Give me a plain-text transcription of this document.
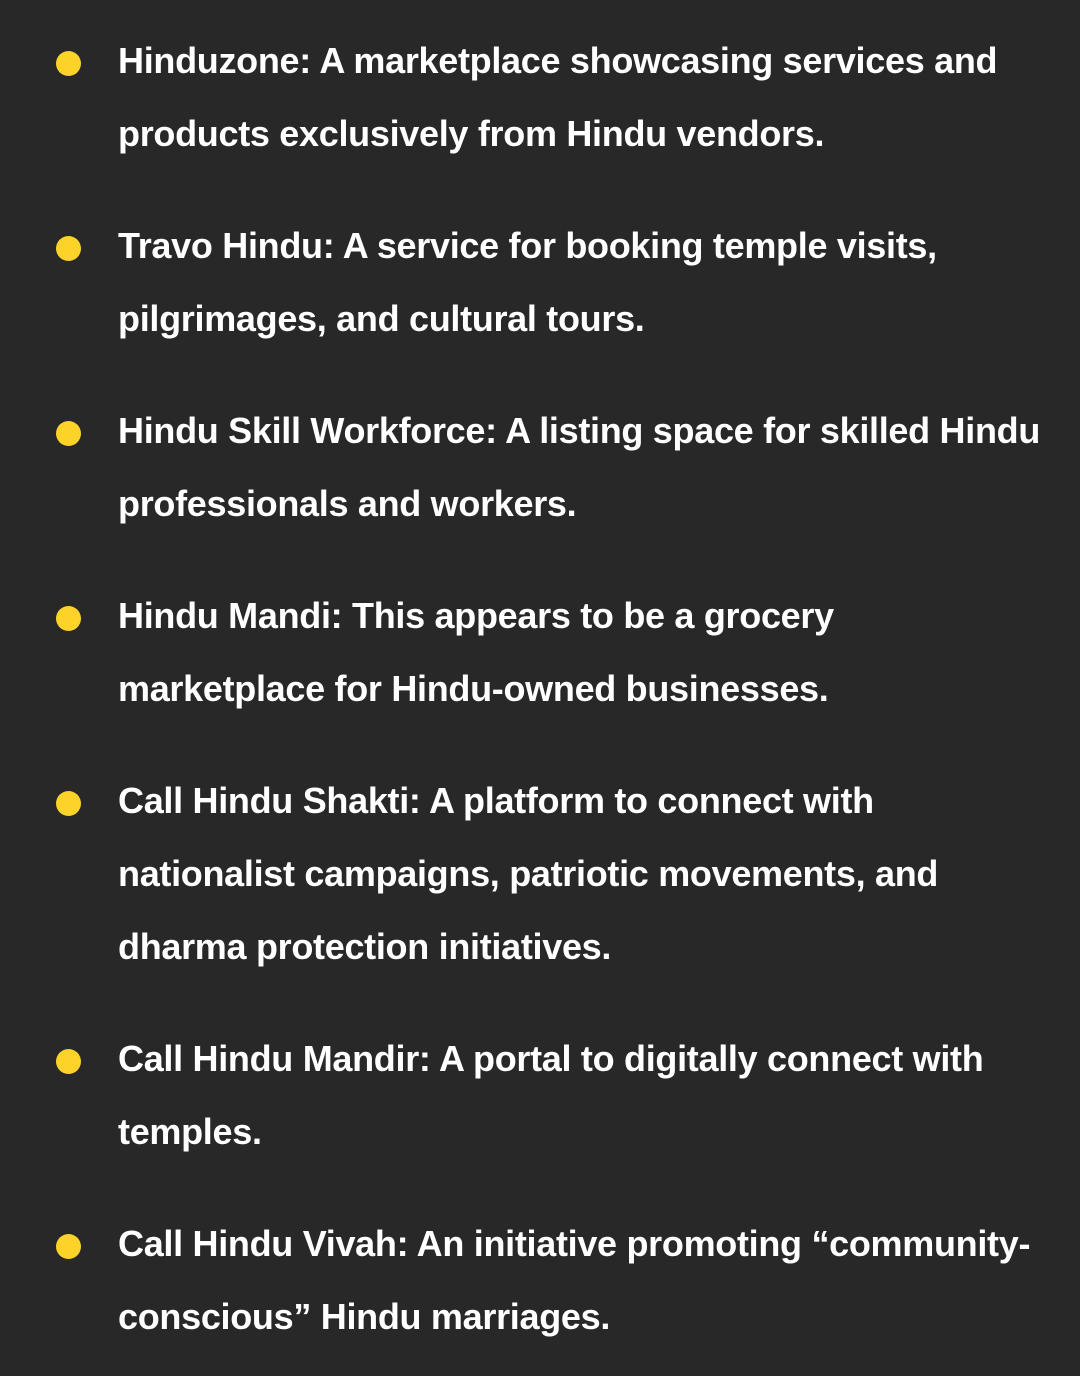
Hinduzone: A marketplace showcasing services and products exclusively from Hindu vendors.
Travo Hindu: A service for booking temple visits, pilgrimages, and cultural tours.
Hindu Skill Workforce: A listing space for skilled Hindu professionals and workers.
Hindu Mandi: This appears to be a grocery marketplace for Hindu-owned businesses.
Call Hindu Shakti: A platform to connect with nationalist campaigns, patriotic movements, and dharma protection initiatives.
Call Hindu Mandir: A portal to digitally connect with temples.
Call Hindu Vivah: An initiative promoting “community-conscious” Hindu marriages.
